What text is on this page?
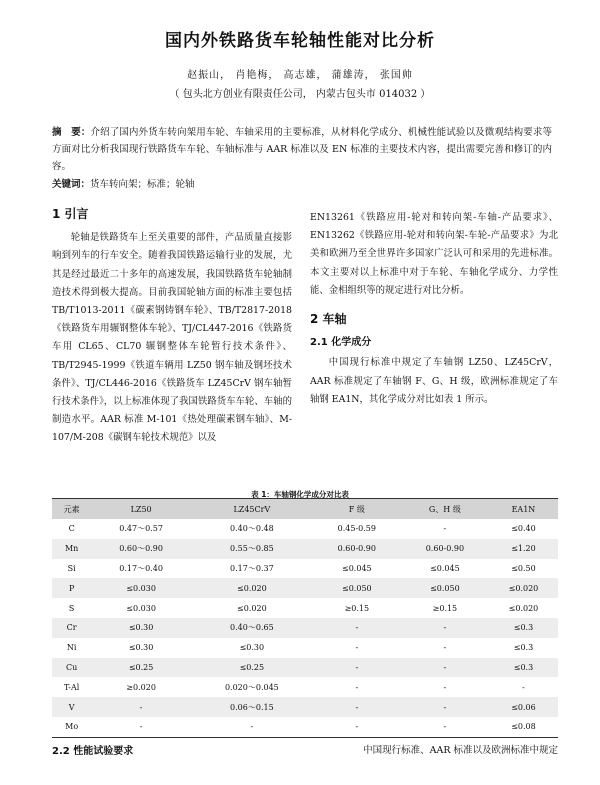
国内外铁路货车轮轴性能对比分析
赵振山， 肖艳梅， 高志雄， 蒲雄涛， 张国帅
（ 包头北方创业有限责任公司， 内蒙古包头市 014032 ）
摘　要：介绍了国内外货车转向架用车轮、车轴采用的主要标准，从材料化学成分、机械性能试验以及微观结构要求等方面对比分析我国现行铁路货车车轮、车轴标准与 AAR 标准以及 EN 标准的主要技术内容，提出需要完善和修订的内容。
关键词：货车转向架；标准；轮轴
1 引言
轮轴是铁路货车上至关重要的部件，产品质量直接影响到列车的行车安全。随着我国铁路运输行业的发展，尤其是经过最近二十多年的高速发展，我国铁路货车轮轴制造技术得到极大提高。目前我国轮轴方面的标准主要包括 TB/T1013-2011《碳素钢铸钢车轮》、TB/T2817-2018《铁路货车用辗钢整体车轮》、TJ/CL447-2016《铁路货车用 CL65、CL70 辗钢整体车轮暂行技术条件》、TB/T2945-1999《铁道车辆用 LZ50 钢车轴及钢坯技术条件》、TJ/CL446-2016《铁路货车 LZ45CrV 钢车轴暂行技术条件》，以上标准体现了我国铁路货车车轮、车轴的制造水平。AAR 标准 M-101《热处理碳素钢车轴》、M-107/M-208《碳钢车轮技术规范》以及
EN13261《铁路应用-轮对和转向架-车轴-产品要求》、EN13262《铁路应用-轮对和转向架-车轮-产品要求》为北美和欧洲乃至全世界许多国家广泛认可和采用的先进标准。本文主要对以上标准中对于车轮、车轴化学成分、力学性能、金相组织等的规定进行对比分析。
2 车轴
2.1 化学成分
中国现行标准中规定了车轴钢 LZ50、LZ45CrV，AAR 标准规定了车轴钢 F、G、H 级，欧洲标准规定了车轴钢 EA1N，其化学成分对比如表 1 所示。
表 1：车轴钢化学成分对比表
元素	LZ50	LZ45CrV	F 级	G、H 级	EA1N
C	0.47～0.57	0.40～0.48	0.45-0.59	-	≤0.40
Mn	0.60～0.90	0.55～0.85	0.60-0.90	0.60-0.90	≤1.20
Si	0.17～0.40	0.17～0.37	≤0.045	≤0.045	≤0.50
P	≤0.030	≤0.020	≤0.050	≤0.050	≤0.020
S	≤0.030	≤0.020	≥0.15	≥0.15	≤0.020
Cr	≤0.30	0.40～0.65	-	-	≤0.3
Ni	≤0.30	≤0.30	-	-	≤0.3
Cu	≤0.25	≤0.25	-	-	≤0.3
T-Al	≥0.020	0.020～0.045	-	-	-
V	-	0.06～0.15	-	-	≤0.06
Mo	-	-	-	-	≤0.08
2.2 性能试验要求	中国现行标准、AAR 标准以及欧洲标准中规定
